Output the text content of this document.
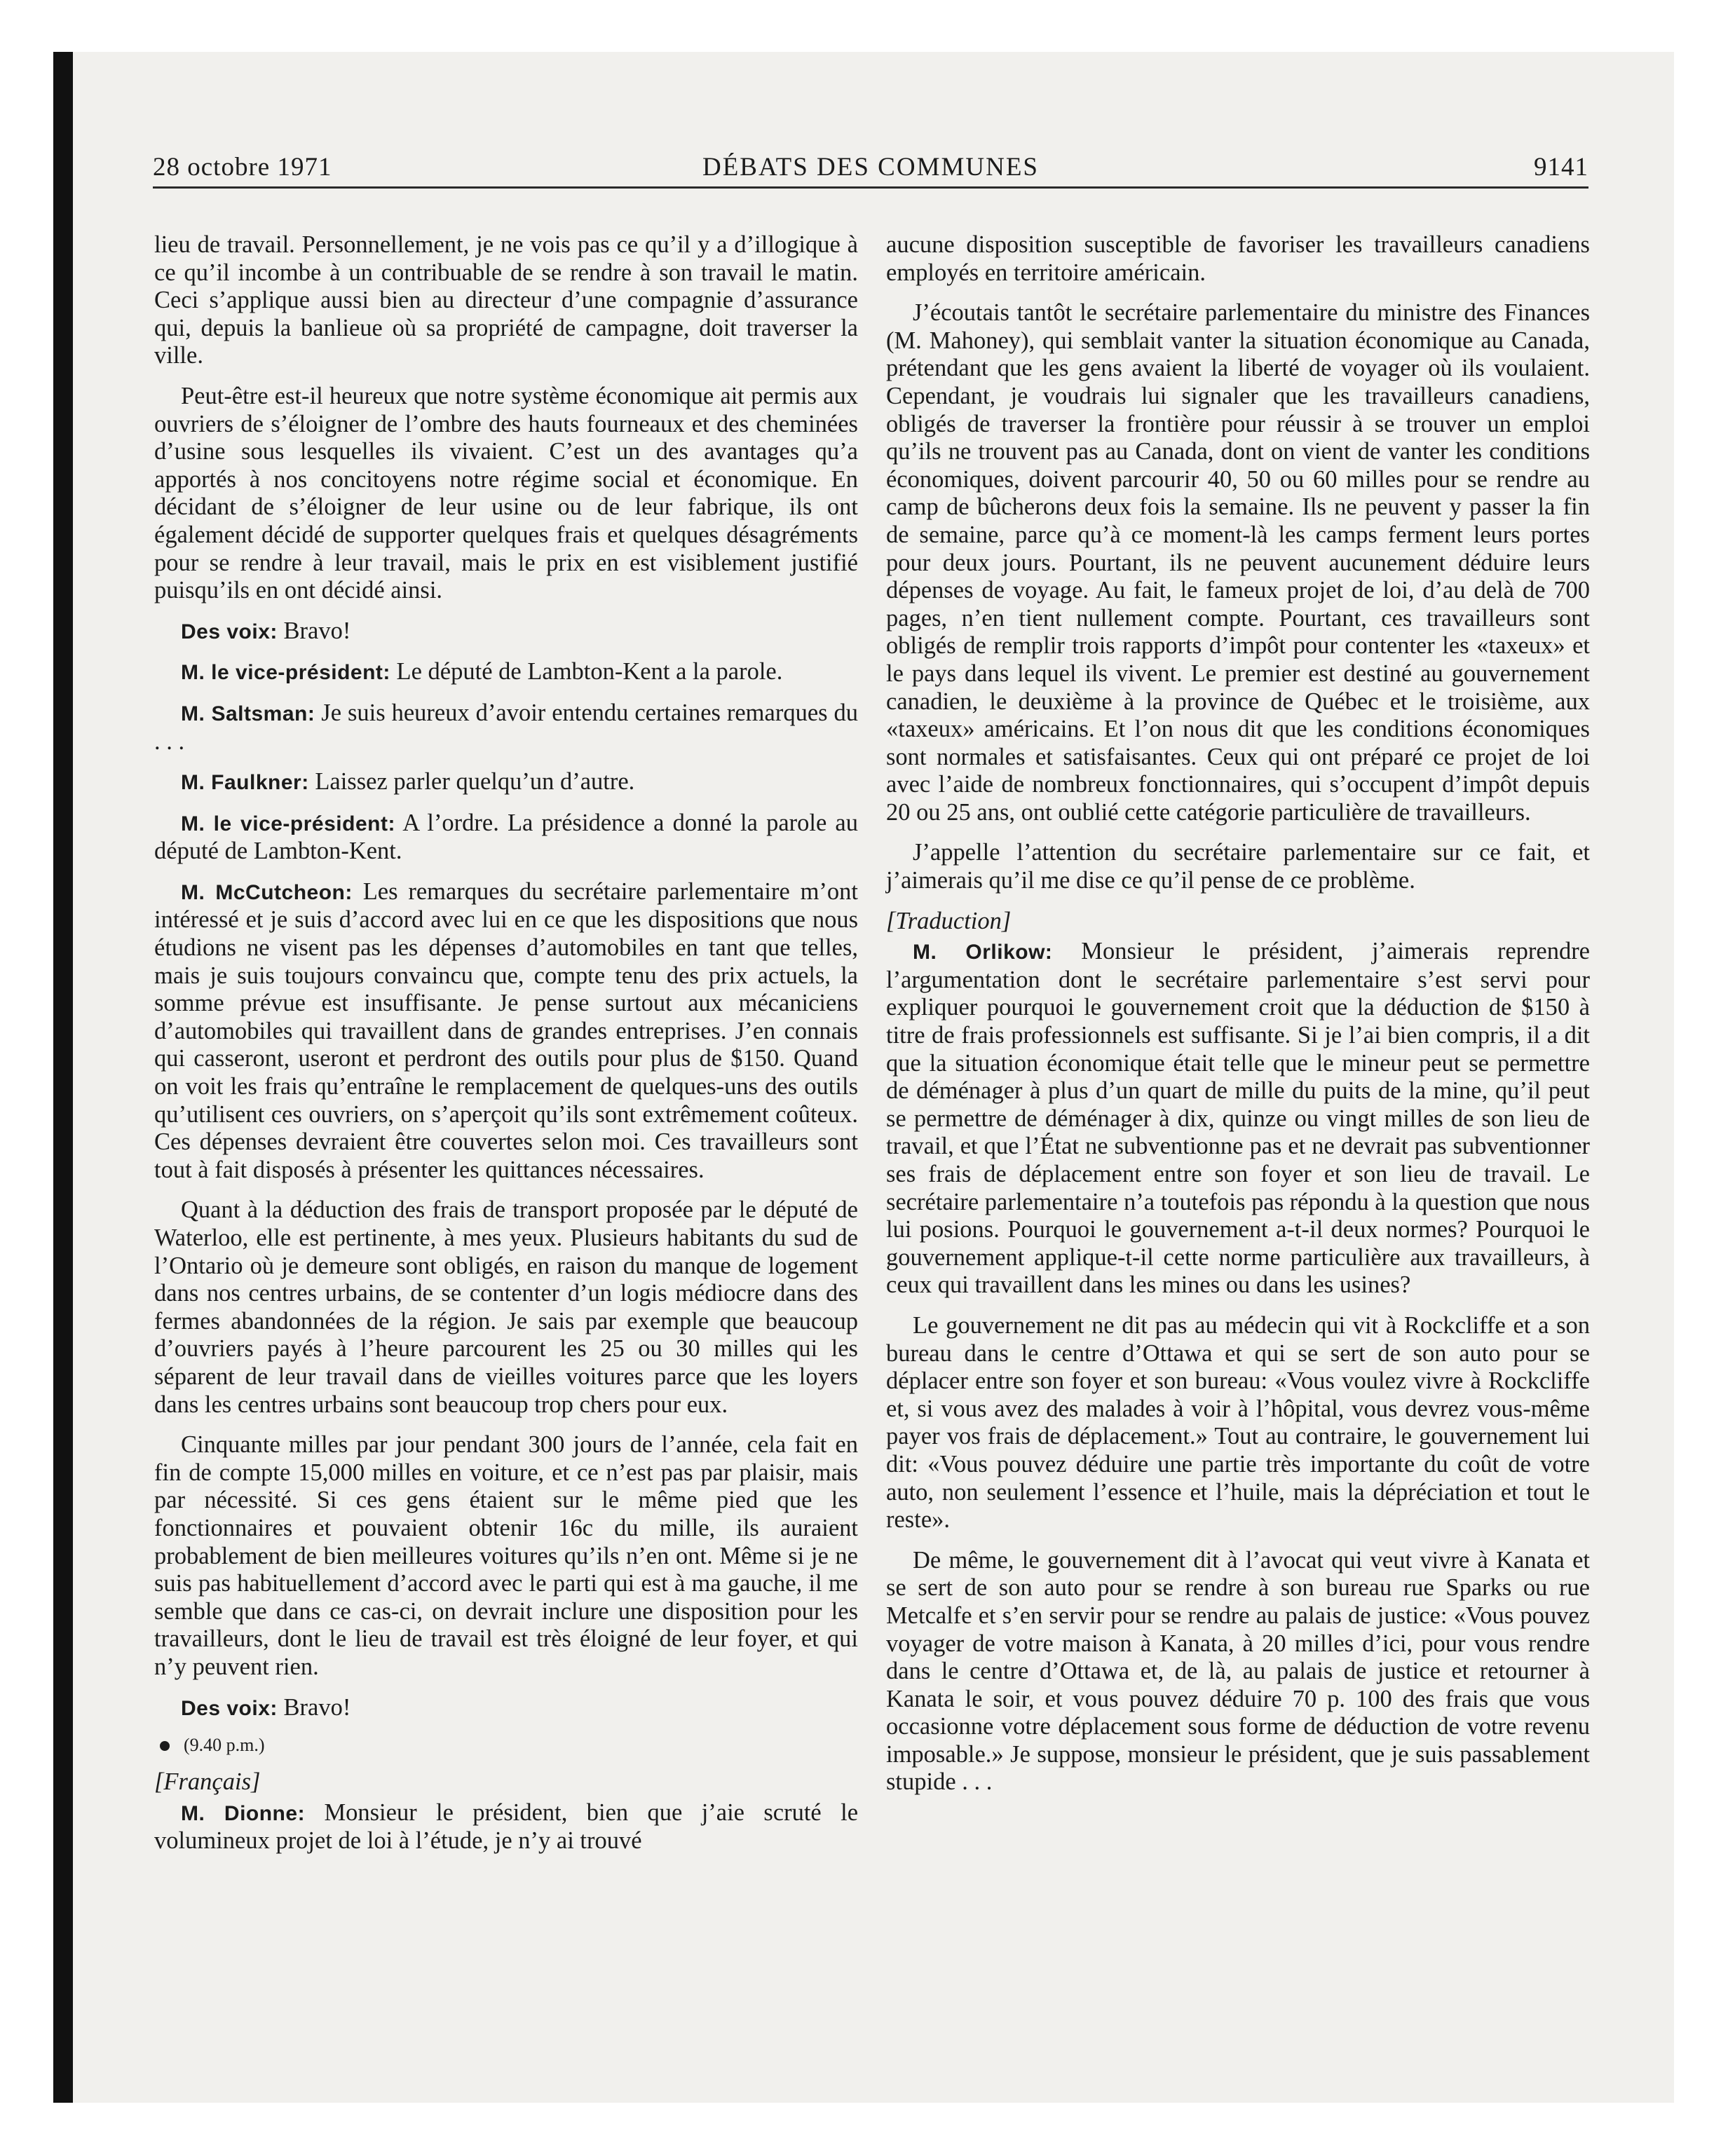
28 octobre 1971	DÉBATS DES COMMUNES	9141

lieu de travail. Personnellement, je ne vois pas ce qu’il y a d’illogique à ce qu’il incombe à un contribuable de se rendre à son travail le matin. Ceci s’applique aussi bien au directeur d’une compagnie d’assurance qui, depuis la banlieue où sa propriété de campagne, doit traverser la ville.

Peut-être est-il heureux que notre système économique ait permis aux ouvriers de s’éloigner de l’ombre des hauts fourneaux et des cheminées d’usine sous lesquelles ils vivaient. C’est un des avantages qu’a apportés à nos concitoyens notre régime social et économique. En décidant de s’éloigner de leur usine ou de leur fabrique, ils ont également décidé de supporter quelques frais et quelques désagréments pour se rendre à leur travail, mais le prix en est visiblement justifié puisqu’ils en ont décidé ainsi.

Des voix: Bravo!

M. le vice-président: Le député de Lambton-Kent a la parole.

M. Saltsman: Je suis heureux d’avoir entendu certaines remarques du . . .

M. Faulkner: Laissez parler quelqu’un d’autre.

M. le vice-président: A l’ordre. La présidence a donné la parole au député de Lambton-Kent.

M. McCutcheon: Les remarques du secrétaire parlementaire m’ont intéressé et je suis d’accord avec lui en ce que les dispositions que nous étudions ne visent pas les dépenses d’automobiles en tant que telles, mais je suis toujours convaincu que, compte tenu des prix actuels, la somme prévue est insuffisante. Je pense surtout aux mécaniciens d’automobiles qui travaillent dans de grandes entreprises. J’en connais qui casseront, useront et perdront des outils pour plus de $150. Quand on voit les frais qu’entraîne le remplacement de quelques-uns des outils qu’utilisent ces ouvriers, on s’aperçoit qu’ils sont extrêmement coûteux. Ces dépenses devraient être couvertes selon moi. Ces travailleurs sont tout à fait disposés à présenter les quittances nécessaires.

Quant à la déduction des frais de transport proposée par le député de Waterloo, elle est pertinente, à mes yeux. Plusieurs habitants du sud de l’Ontario où je demeure sont obligés, en raison du manque de logement dans nos centres urbains, de se contenter d’un logis médiocre dans des fermes abandonnées de la région. Je sais par exemple que beaucoup d’ouvriers payés à l’heure parcourent les 25 ou 30 milles qui les séparent de leur travail dans de vieilles voitures parce que les loyers dans les centres urbains sont beaucoup trop chers pour eux.

Cinquante milles par jour pendant 300 jours de l’année, cela fait en fin de compte 15,000 milles en voiture, et ce n’est pas par plaisir, mais par nécessité. Si ces gens étaient sur le même pied que les fonctionnaires et pouvaient obtenir 16c du mille, ils auraient probablement de bien meilleures voitures qu’ils n’en ont. Même si je ne suis pas habituellement d’accord avec le parti qui est à ma gauche, il me semble que dans ce cas-ci, on devrait inclure une disposition pour les travailleurs, dont le lieu de travail est très éloigné de leur foyer, et qui n’y peuvent rien.

Des voix: Bravo!

(9.40 p.m.)

[Français]

M. Dionne: Monsieur le président, bien que j’aie scruté le volumineux projet de loi à l’étude, je n’y ai trouvé

aucune disposition susceptible de favoriser les travailleurs canadiens employés en territoire américain.

J’écoutais tantôt le secrétaire parlementaire du ministre des Finances (M. Mahoney), qui semblait vanter la situation économique au Canada, prétendant que les gens avaient la liberté de voyager où ils voulaient. Cependant, je voudrais lui signaler que les travailleurs canadiens, obligés de traverser la frontière pour réussir à se trouver un emploi qu’ils ne trouvent pas au Canada, dont on vient de vanter les conditions économiques, doivent parcourir 40, 50 ou 60 milles pour se rendre au camp de bûcherons deux fois la semaine. Ils ne peuvent y passer la fin de semaine, parce qu’à ce moment-là les camps ferment leurs portes pour deux jours. Pourtant, ils ne peuvent aucunement déduire leurs dépenses de voyage. Au fait, le fameux projet de loi, d’au delà de 700 pages, n’en tient nullement compte. Pourtant, ces travailleurs sont obligés de remplir trois rapports d’impôt pour contenter les «taxeux» et le pays dans lequel ils vivent. Le premier est destiné au gouvernement canadien, le deuxième à la province de Québec et le troisième, aux «taxeux» américains. Et l’on nous dit que les conditions économiques sont normales et satisfaisantes. Ceux qui ont préparé ce projet de loi avec l’aide de nombreux fonctionnaires, qui s’occupent d’impôt depuis 20 ou 25 ans, ont oublié cette catégorie particulière de travailleurs.

J’appelle l’attention du secrétaire parlementaire sur ce fait, et j’aimerais qu’il me dise ce qu’il pense de ce problème.

[Traduction]

M. Orlikow: Monsieur le président, j’aimerais reprendre l’argumentation dont le secrétaire parlementaire s’est servi pour expliquer pourquoi le gouvernement croit que la déduction de $150 à titre de frais professionnels est suffisante. Si je l’ai bien compris, il a dit que la situation économique était telle que le mineur peut se permettre de déménager à plus d’un quart de mille du puits de la mine, qu’il peut se permettre de déménager à dix, quinze ou vingt milles de son lieu de travail, et que l’État ne subventionne pas et ne devrait pas subventionner ses frais de déplacement entre son foyer et son lieu de travail. Le secrétaire parlementaire n’a toutefois pas répondu à la question que nous lui posions. Pourquoi le gouvernement a-t-il deux normes? Pourquoi le gouvernement applique-t-il cette norme particulière aux travailleurs, à ceux qui travaillent dans les mines ou dans les usines?

Le gouvernement ne dit pas au médecin qui vit à Rockcliffe et a son bureau dans le centre d’Ottawa et qui se sert de son auto pour se déplacer entre son foyer et son bureau: «Vous voulez vivre à Rockcliffe et, si vous avez des malades à voir à l’hôpital, vous devrez vous-même payer vos frais de déplacement.» Tout au contraire, le gouvernement lui dit: «Vous pouvez déduire une partie très importante du coût de votre auto, non seulement l’essence et l’huile, mais la dépréciation et tout le reste».

De même, le gouvernement dit à l’avocat qui veut vivre à Kanata et se sert de son auto pour se rendre à son bureau rue Sparks ou rue Metcalfe et s’en servir pour se rendre au palais de justice: «Vous pouvez voyager de votre maison à Kanata, à 20 milles d’ici, pour vous rendre dans le centre d’Ottawa et, de là, au palais de justice et retourner à Kanata le soir, et vous pouvez déduire 70 p. 100 des frais que vous occasionne votre déplacement sous forme de déduction de votre revenu imposable.» Je suppose, monsieur le président, que je suis passablement stupide . . .
